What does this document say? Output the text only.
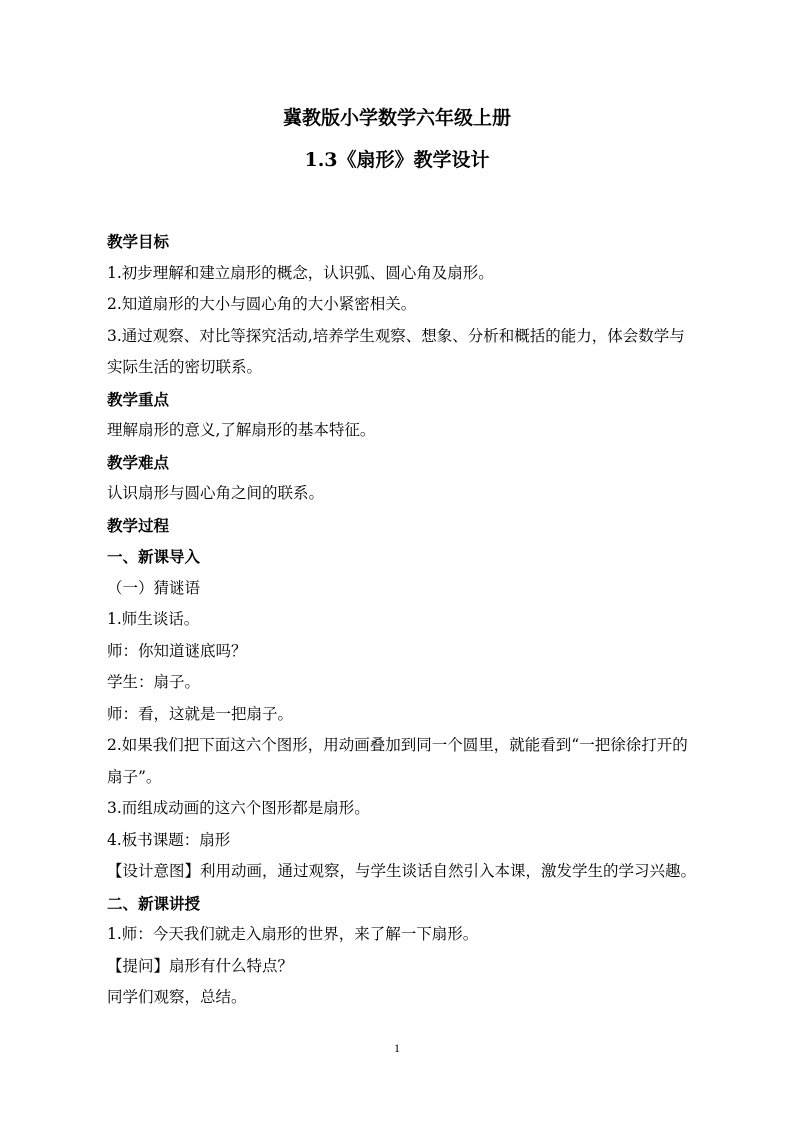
冀教版小学数学六年级上册
1.3《扇形》教学设计

教学目标

1.初步理解和建立扇形的概念，认识弧、圆心角及扇形。

2.知道扇形的大小与圆心角的大小紧密相关。

3.通过观察、对比等探究活动,培养学生观察、想象、分析和概括的能力，体会数学与实际生活的密切联系。

教学重点

理解扇形的意义,了解扇形的基本特征。

教学难点

认识扇形与圆心角之间的联系。

教学过程

一、新课导入

（一）猜谜语

1.师生谈话。

师：你知道谜底吗？

学生：扇子。

师：看，这就是一把扇子。

2.如果我们把下面这六个图形，用动画叠加到同一个圆里，就能看到“一把徐徐打开的扇子”。

3.而组成动画的这六个图形都是扇形。

4.板书课题：扇形

【设计意图】利用动画，通过观察，与学生谈话自然引入本课，激发学生的学习兴趣。

二、新课讲授

1.师：今天我们就走入扇形的世界，来了解一下扇形。

【提问】扇形有什么特点？

同学们观察，总结。

1
